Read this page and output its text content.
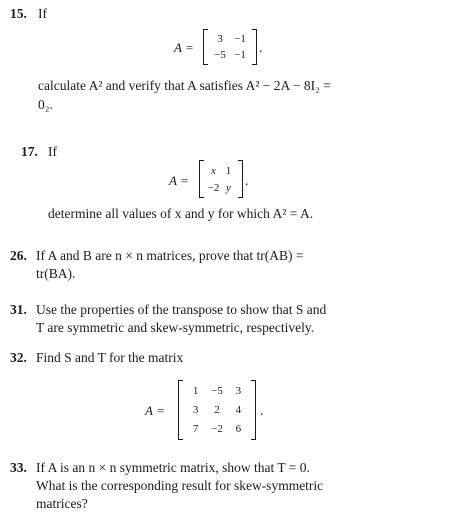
15. If
A =
3	−1
−5 −1 .
calculate A² and verify that A satisfies A² − 2A − 8I₂ =
0₂.
17. If
A =
x 1
−2 y	.
determine all values of x and y for which A² = A.
26. If A and B are n × n matrices, prove that tr(AB) =
tr(BA).
31. Use the properties of the transpose to show that S and
T are symmetric and skew-symmetric, respectively.
32. Find S and T for the matrix
A =
1	−5	3
3	2	4
7	−2	6
.
33. If A is an n × n symmetric matrix, show that T = 0.
What is the corresponding result for skew-symmetric
matrices?
